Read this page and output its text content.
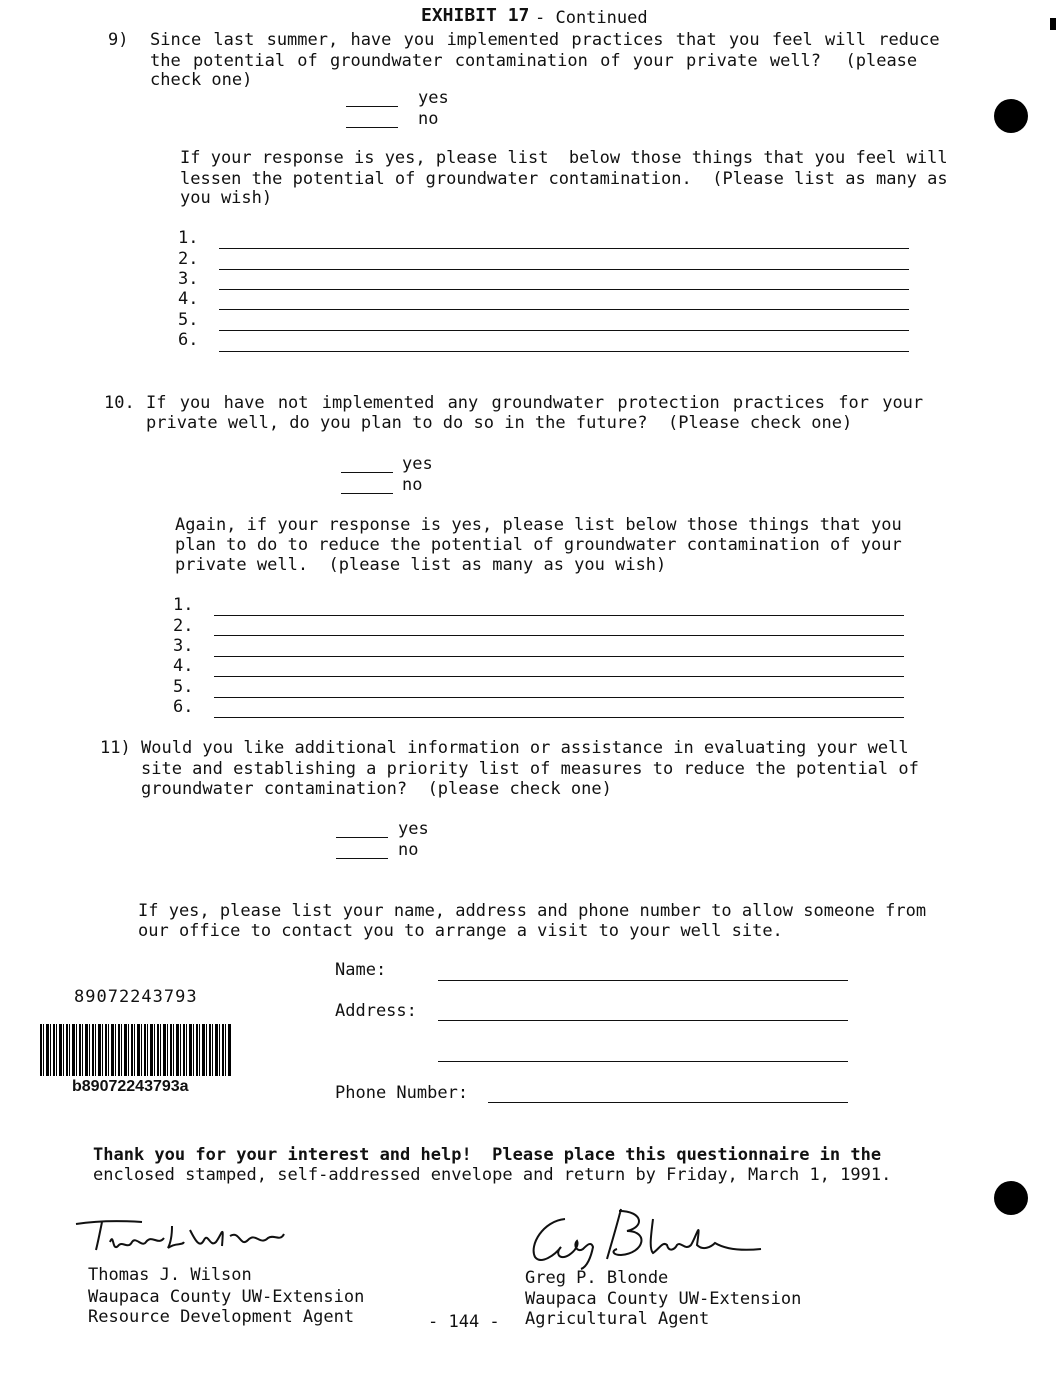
EXHIBIT 17 - Continued
9) Since last summer, have you implemented practices that you feel will reduce
the potential of groundwater contamination of your private well?  (please
check one)
yes
no
If your response is yes, please list  below those things that you feel will
lessen the potential of groundwater contamination.  (Please list as many as
you wish)
1.
2.
3.
4.
5.
6.
10. If you have not implemented any groundwater protection practices for your
private well, do you plan to do so in the future?  (Please check one)
yes
no
Again, if your response is yes, please list below those things that you
plan to do to reduce the potential of groundwater contamination of your
private well.  (please list as many as you wish)
1.
2.
3.
4.
5.
6.
11) Would you like additional information or assistance in evaluating your well
site and establishing a priority list of measures to reduce the potential of
groundwater contamination?  (please check one)
yes
no
If yes, please list your name, address and phone number to allow someone from
our office to contact you to arrange a visit to your well site.
Name:
Address:
Phone Number:
89072243793
b89072243793a
Thank you for your interest and help!  Please place this questionnaire in the
enclosed stamped, self-addressed envelope and return by Friday, March 1, 1991.
Thomas J. Wilson
Waupaca County UW-Extension
Resource Development Agent
Greg P. Blonde
Waupaca County UW-Extension
Agricultural Agent
- 144 -
